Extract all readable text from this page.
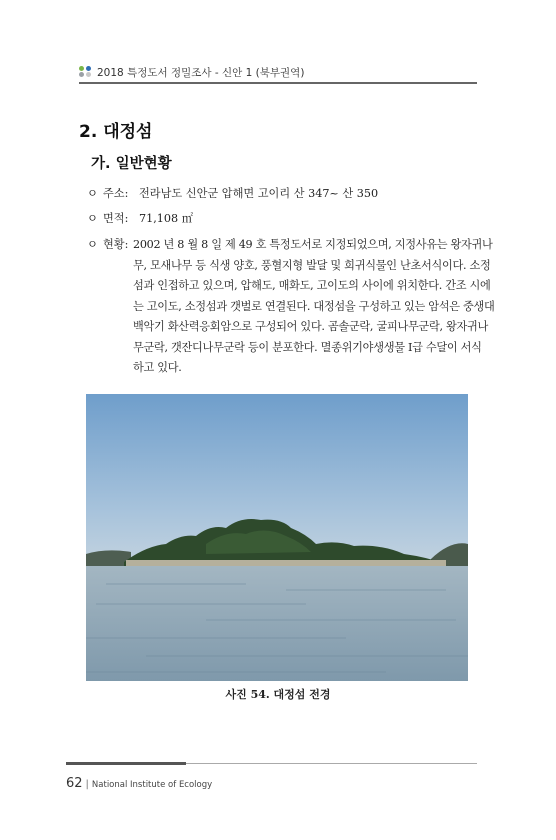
2018 특정도서 정밀조사 - 신안 1 (북부권역)
2. 대정섬
가. 일반현황
ㅇ 주소: 전라남도 신안군 압해면 고이리 산 347~ 산 350
ㅇ 면적: 71,108 ㎡
ㅇ 현황: 2002 년 8 월 8 일 제 49 호 특정도서로 지정되었으며, 지정사유는 왕자귀나
무, 모새나무 등 식생 양호, 풍혈지형 발달 및 희귀식물인 난초서식이다. 소정
섬과 인접하고 있으며, 압해도, 매화도, 고이도의 사이에 위치한다. 간조 시에
는 고이도, 소정섬과 갯벌로 연결된다. 대정섬을 구성하고 있는 암석은 중생대
백악기 화산력응회암으로 구성되어 있다. 곰솔군락, 굴피나무군락, 왕자귀나
무군락, 갯잔디나무군락 등이 분포한다. 멸종위기야생생물 Ⅰ급 수달이 서식
하고 있다.
사진 54. 대정섬 전경
62 | National Institute of Ecology
